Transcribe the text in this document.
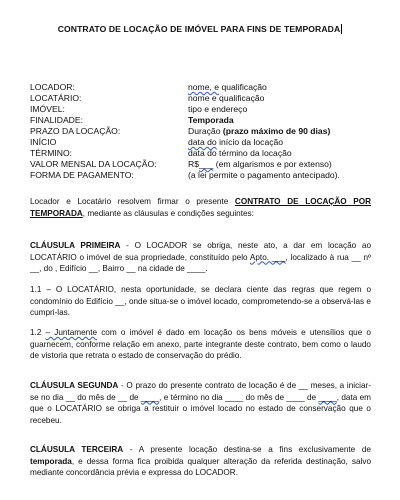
CONTRATO DE LOCAÇÃO DE IMÓVEL PARA FINS DE TEMPORADA
LOCADOR:	nome, e qualificação
LOCATÁRIO:	nome e qualificação
IMÓVEL:	tipo e endereço
FINALIDADE:	Temporada
PRAZO DA LOCAÇÃO:	Duração (prazo máximo de 90 dias)
INÍCIO	data do início da locação
TÉRMINO:	data do término da locação
VALOR MENSAL DA LOCAÇÃO:	R$___ (em algarismos e por extenso)
FORMA DE PAGAMENTO:	(a lei permite o pagamento antecipado).
Locador e Locatário resolvem firmar o presente CONTRATO DE LOCAÇÃO POR TEMPORADA, mediante as cláusulas e condições seguintes:
CLÁUSULA PRIMEIRA - O LOCADOR se obriga, neste ato, a dar em locação ao LOCATÁRIO o imóvel de sua propriedade, constituído pelo Apto. ___, localizado à rua __ nº __, do , Edifício __, Bairro __ na cidade de ____.
1.1 – O LOCATÁRIO, nesta oportunidade, se declara ciente das regras que regem o condomínio do Edifício __, onde situa-se o imóvel locado, comprometendo-se a observá-las e cumpri-las.
1.2 – Juntamente com o imóvel é dado em locação os bens móveis e utensílios que o guarnecem, conforme relação em anexo, parte integrante deste contrato, bem como o laudo de vistoria que retrata o estado de conservação do prédio.
CLÁUSULA SEGUNDA - O prazo do presente contrato de locação é de __ meses, a iniciar-se no dia __ do mês de __ de ____, e término no dia ____ do mês de ____ de ____, data em que o LOCATÁRIO se obriga a restituir o imóvel locado no estado de conservação que o recebeu.
CLÁUSULA TERCEIRA - A presente locação destina-se a fins exclusivamente de temporada, e dessa forma fica proibida qualquer alteração da referida destinação, salvo mediante concordância prévia e expressa do LOCADOR.
